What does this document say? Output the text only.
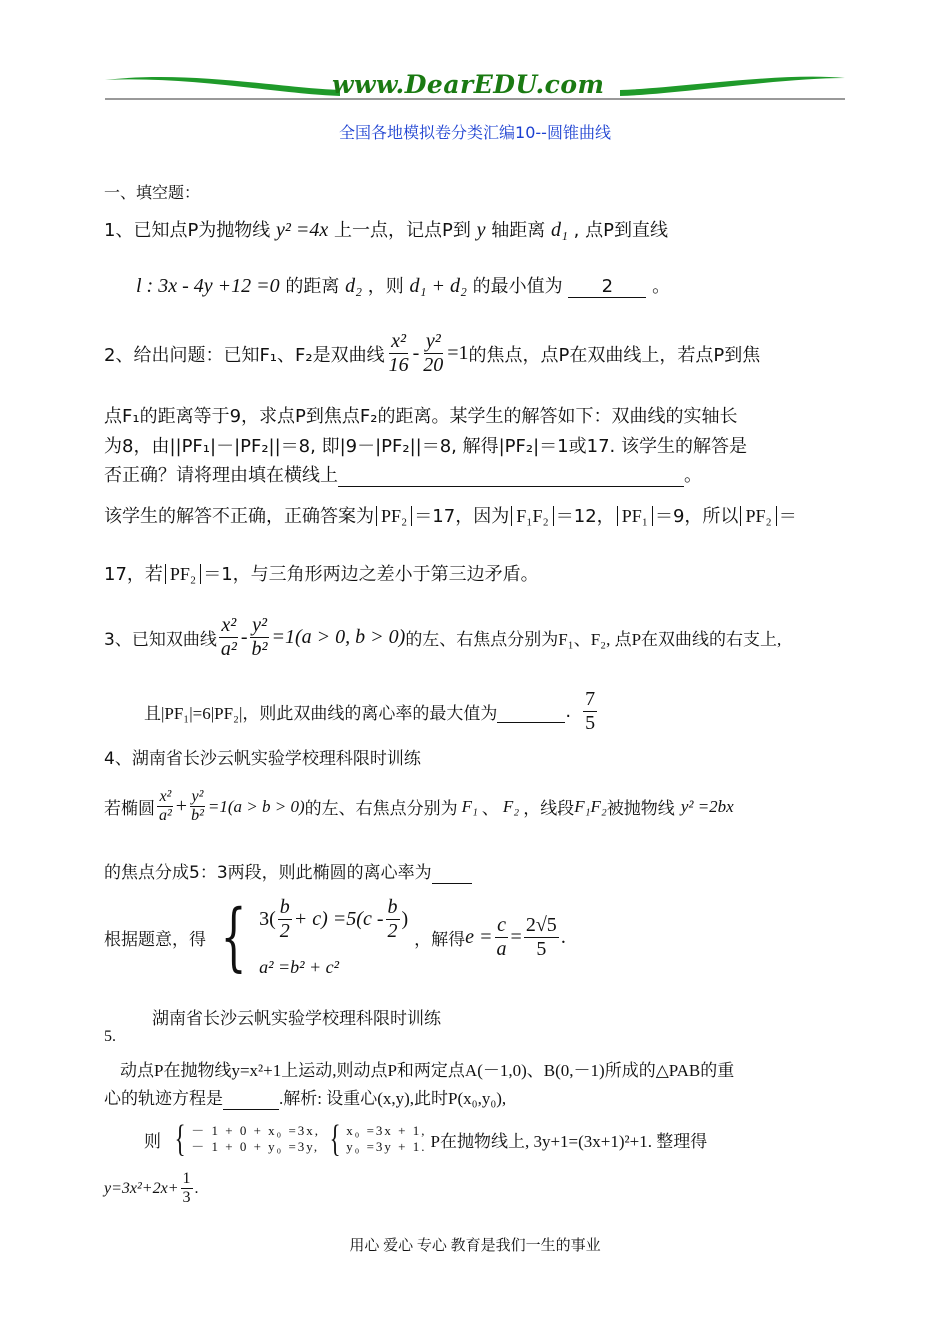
www.DearEDU.com
全国各地模拟卷分类汇编10--圆锥曲线
一、填空题：
1、已知点P为抛物线 y² =4x 上一点，记点P到 y 轴距离 d₁ , 点P到直线
l : 3x - 4y +12 =0 的距离 d₂ ，则 d₁ + d₂ 的最小值为 2 。
2、给出问题：已知F₁、F₂是双曲线 $\frac{\text{x²}}{16} - \frac{\text{y²}}{20} =1$ 的焦点，点P在双曲线上，若点P到焦
点F₁的距离等于9，求点P到焦点F₂的距离。某学生的解答如下：双曲线的实轴长
为8，由||PF₁|－|PF₂||＝8, 即|9－|PF₂||＝8, 解得|PF₂|＝1或17. 该学生的解答是
否正确？请将理由填在横线上	。
该学生的解答不正确，正确答案为 PF₂ ＝17，因为 F₁F₂ ＝12， PF₁ ＝9，所以 PF₂ ＝
17，若 PF₂ ＝1，与三角形两边之差小于第三边矛盾。
3、已知双曲线 $\frac{\text{x²}}{\text{a²}} - \frac{\text{y²}}{\text{b²}} =1(a > 0$, b > 0) 的左、右焦点分别为F₁、F₂, 点P在双曲线的右支上,
且|PF₁|=6|PF₂|，则此双曲线的离心率的最大值为
	. $\frac{7}{5}$
4、湖南省长沙云帆实验学校理科限时训练
若椭圆 $\frac{\text{x²}}{\text{a²}} + \frac{\text{y²}}{\text{b²}} =1(a > b > 0)$ 的左、右焦点分别为 F₁ 、 F₂ ，线段 F₁F₂ 被抛物线 y² =2bx
的焦点分成5：3两段，则此椭圆的离心率为
根据题意，得 { $3( \frac{b}{2} + c) =5(c - \frac{b}{2}$ )
a² =b² + c²
，解得 $e = \frac{c}{a} = \frac{2√5}{5}$ .
湖南省长沙云帆实验学校理科限时训练
5.
动点P在抛物线y=x²+1上运动,则动点P和两定点A(－1,0)、B(0,－1)所成的△PAB的重
心的轨迹方程是	.解析: 设重心(x,y),此时P(x₀,y₀),
则 { － 1 + 0 + x₀ =3x,
－ 1 + 0 + y₀ =3y, { x₀ =3x + 1,
y₀ =3y + 1. P在抛物线上, 3y+1=(3x+1)²+1. 整理得
$y=3x^2+2x+ \frac{1}{3}$ .
用心 爱心 专心 教育是我们一生的事业
